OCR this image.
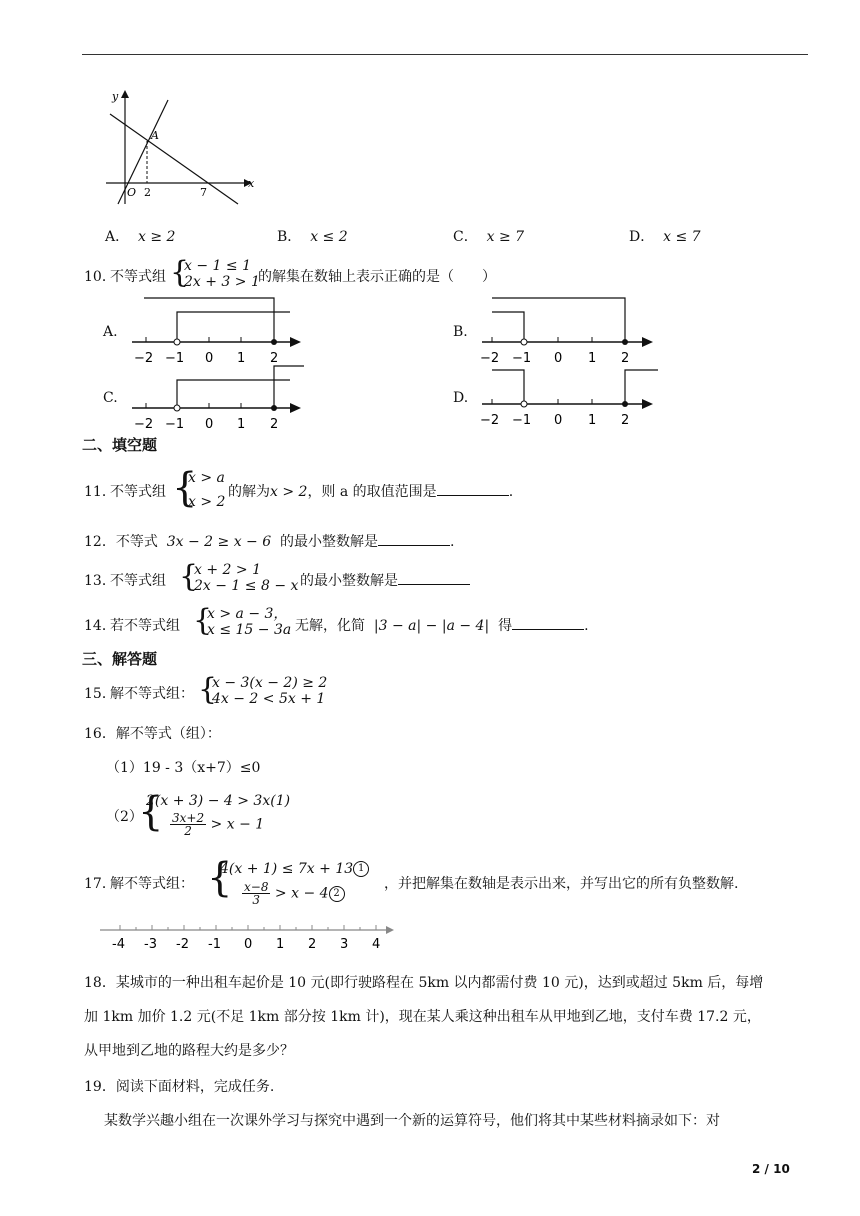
y
x
O
A
2	7
A． x ≥ 2	B． x ≤ 2	C． x ≥ 7	D． x ≤ 7
10．
不等式组 {
x − 1 ≤ 1
2x + 3 > 1
的解集在数轴上表示正确的是（　　）
A.	B.
C.	D.
−2 −1 0 1 2	−2 −1 0 1 2
−2 −1 0 1 2	−2 −1 0 1 2
二、填空题
11．
不等式组 {
x > a
x > 2
的解为x > 2，则 a 的取值范围是	.
12．不等式 3x − 2 ≥ x − 6 的最小整数解是	.
13．
不等式组 {
x + 2 > 1
2x − 1 ≤ 8 − x 的最小整数解是
14．
若不等式组 {
x > a − 3，
x ≤ 15 − 3a 无解，化简 |3 − a| − |a − 4| 得	.
三、解答题
15．
解不等式组： {
x − 3(x − 2) ≥ 2
4x − 2 < 5x + 1
16．解不等式（组）：
（1）19 - 3（x+7）≤0
（2）
{
2(x + 3) − 4 > 3x(1)
$\frac{3x+2}{2} > x - 1$
17．
解不等式组： {
4(x + 1) ≤ 7x + 13 1
$\frac{x-8}{3} > x - 4$ 2
，并把解集在数轴是表示出来，并写出它的所有负整数解.
-4 -3 -2 -1 0 1 2 3 4
18．某城市的一种出租车起价是 10 元(即行驶路程在 5km 以内都需付费 10 元)，达到或超过 5km 后，每增
加 1km 加价 1.2 元(不足 1km 部分按 1km 计)，现在某人乘这种出租车从甲地到乙地，支付车费 17.2 元，
从甲地到乙地的路程大约是多少？
19．阅读下面材料，完成任务.
某数学兴趣小组在一次课外学习与探究中遇到一个新的运算符号，他们将其中某些材料摘录如下：对
2 / 10
